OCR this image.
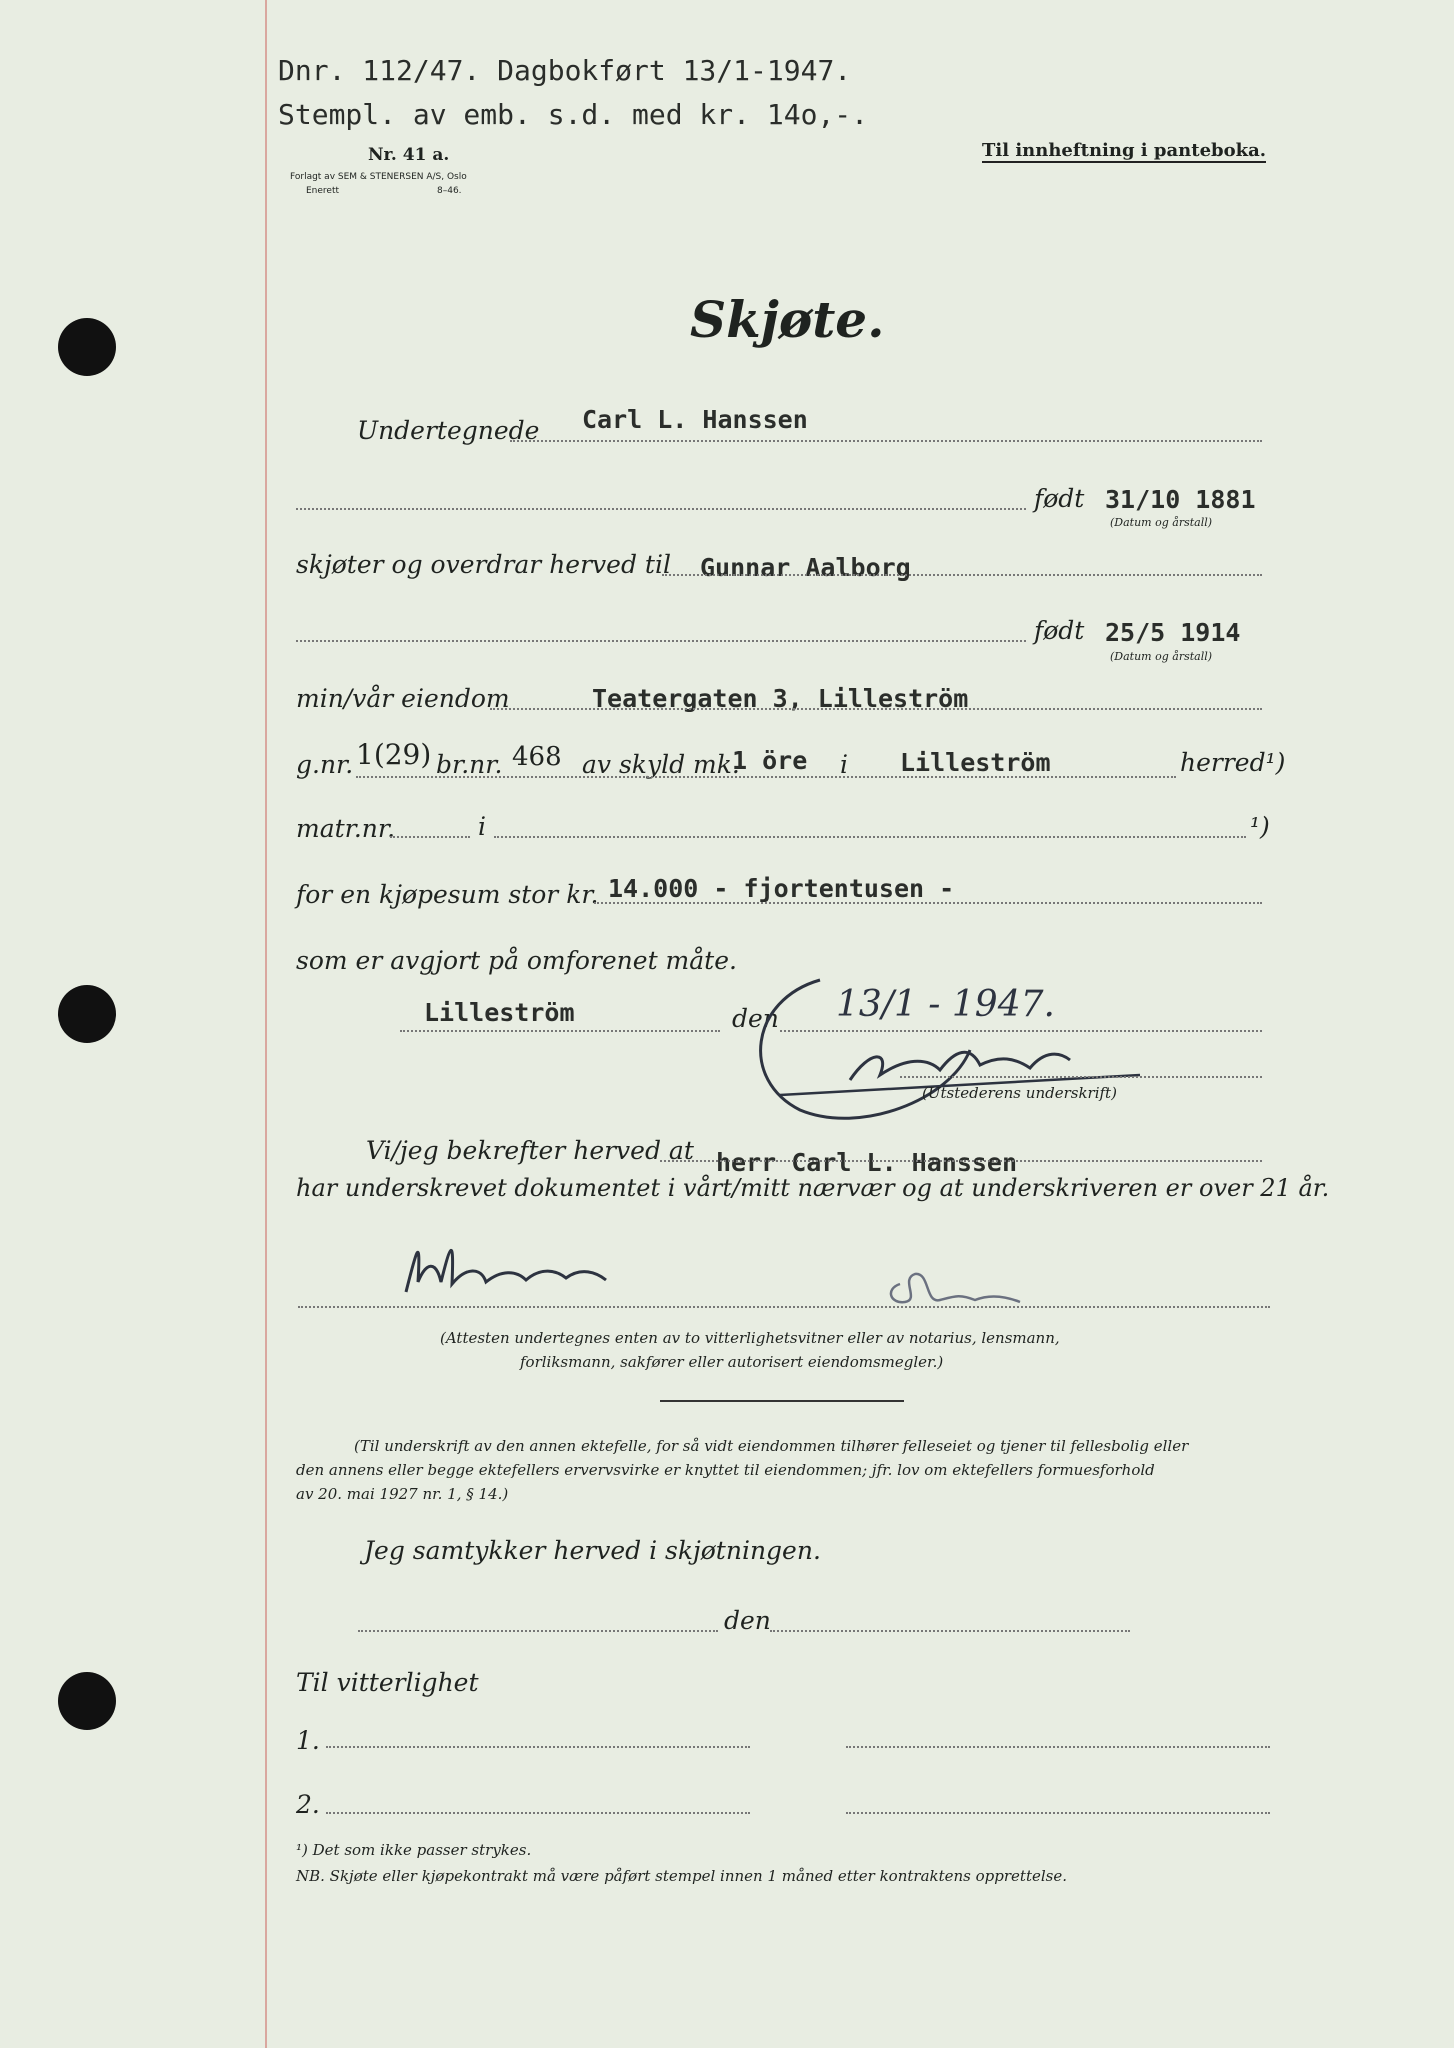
Dnr. 112/47. Dagbokført 13/1-1947.
Stempl. av emb. s.d. med kr. 14o,-.
Nr. 41 a.
Forlagt av SEM & STENERSEN A/S, Oslo
Enerett	8–46.
Til innheftning i panteboka.
Skjøte.
Undertegnede Carl L. Hanssen
født 31/10 1881
(Datum og årstall)
skjøter og overdrar herved til Gunnar Aalborg
født 25/5 1914
(Datum og årstall)
min/vår eiendom	Teatergaten 3, Lilleström
g.nr. 1(29) br.nr. 468 av skyld mk.
1 öre i Lilleström	herred¹)
matr.nr.	i	¹)
for en kjøpesum stor kr. 14.000 - fjortentusen -
som er avgjort på omforenet måte.
Lilleström	den 13/1 - 1947.
(Utstederens underskrift)
Vi/jeg bekrefter herved at herr Carl L. Hanssen
har underskrevet dokumentet i vårt/mitt nærvær og at underskriveren er over 21 år.
(Attesten undertegnes enten av to vitterlighetsvitner eller av notarius, lensmann,
forliksmann, sakfører eller autorisert eiendomsmegler.)
(Til underskrift av den annen ektefelle, for så vidt eiendommen tilhører felleseiet og tjener til fellesbolig eller
den annens eller begge ektefellers ervervsvirke er knyttet til eiendommen; jfr. lov om ektefellers formuesforhold
av 20. mai 1927 nr. 1, § 14.)
Jeg samtykker herved i skjøtningen.
den
Til vitterlighet
1.
2.
¹) Det som ikke passer strykes.
NB. Skjøte eller kjøpekontrakt må være påført stempel innen 1 måned etter kontraktens opprettelse.
